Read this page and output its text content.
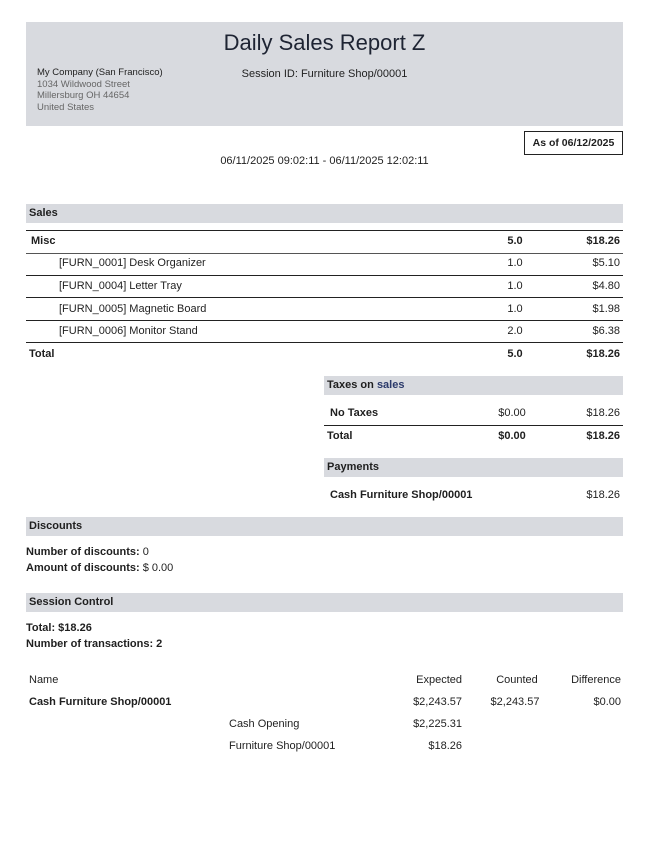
Daily Sales Report Z
Session ID: Furniture Shop/00001
My Company (San Francisco)
1034 Wildwood Street
Millersburg OH 44654
United States
As of 06/12/2025
06/11/2025 09:02:11 - 06/11/2025 12:02:11
Sales
Misc	5.0	$18.26
[FURN_0001] Desk Organizer	1.0	$5.10
[FURN_0004] Letter Tray	1.0	$4.80
[FURN_0005] Magnetic Board	1.0	$1.98
[FURN_0006] Monitor Stand	2.0	$6.38
Total	5.0	$18.26
Taxes on sales
No Taxes	$0.00	$18.26
Total	$0.00	$18.26
Payments
Cash Furniture Shop/00001	$18.26
Discounts
Number of discounts: 0
Amount of discounts: $ 0.00
Session Control
Total: $18.26
Number of transactions: 2
Name	Expected	Counted	Difference
Cash Furniture Shop/00001	$2,243.57	$2,243.57	$0.00
Cash Opening	$2,225.31
Furniture Shop/00001	$18.26
